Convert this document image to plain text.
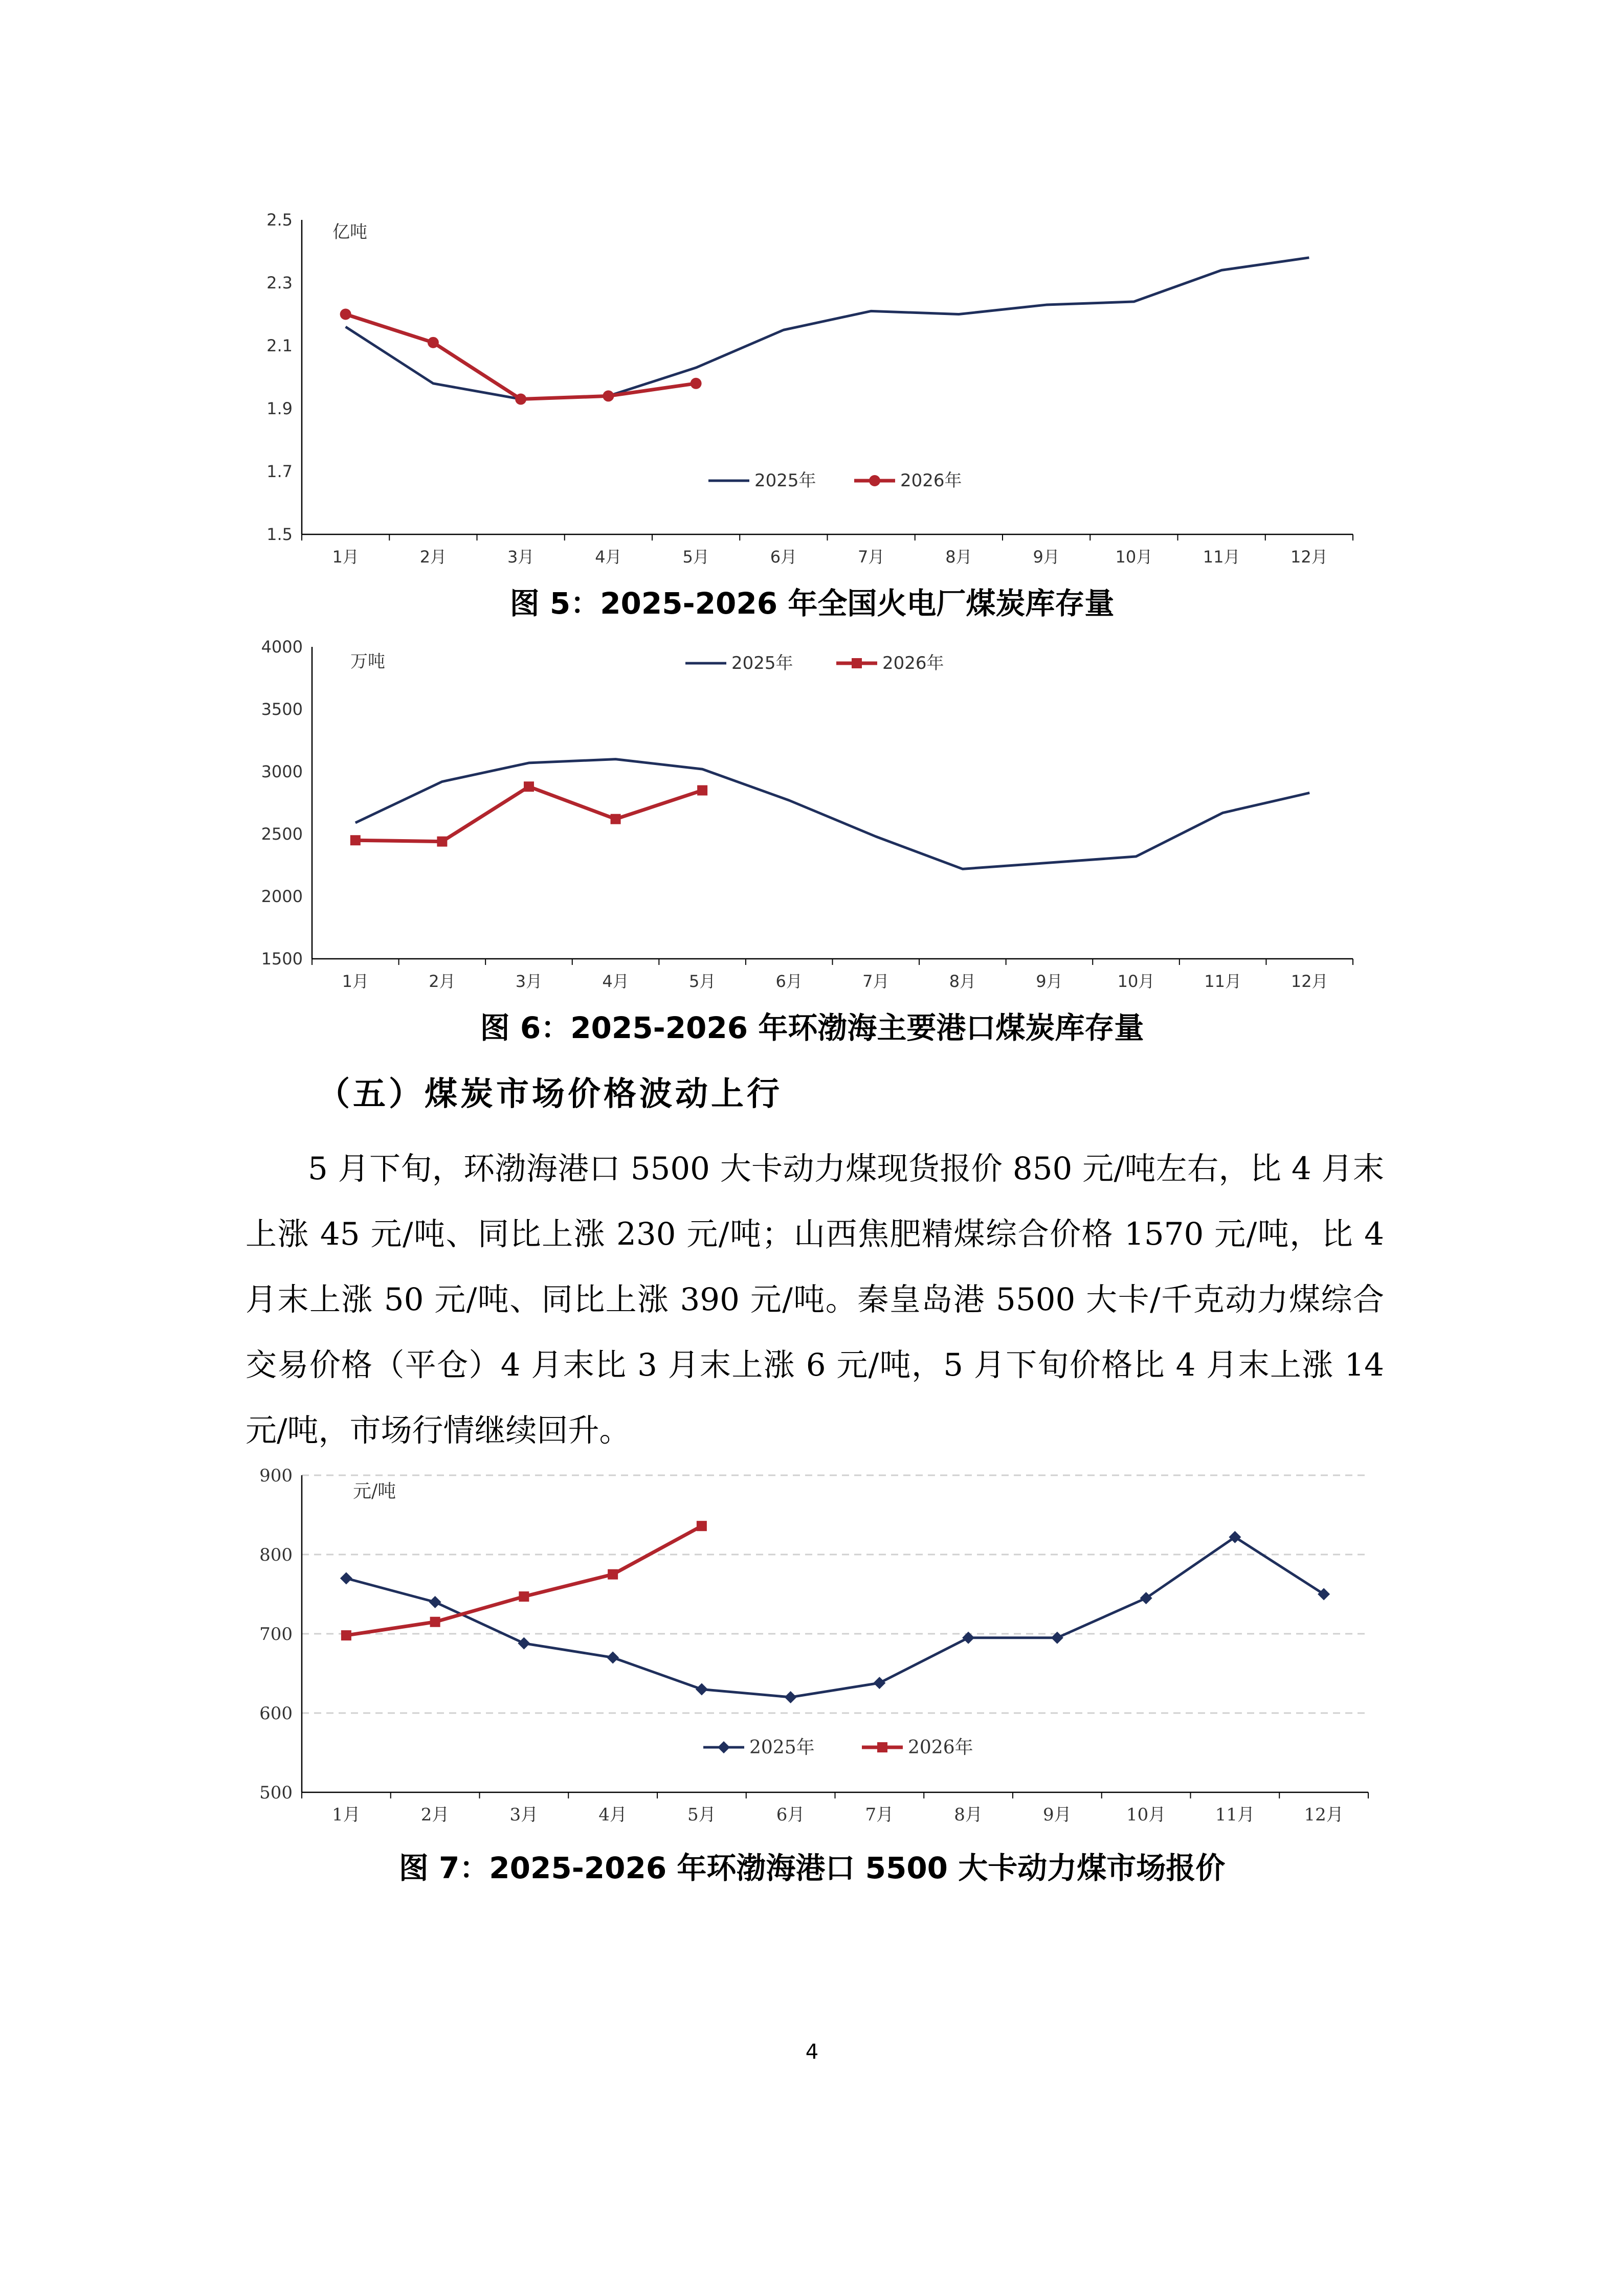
1.5
1.7
1.9
2.1
2.3
2.5
1月	2月	3月	4月	5月	6月	7月	8月	9月	10月	11月	12月
亿吨
2025年	2026年
图 5：2025-2026 年全国火电厂煤炭库存量
1500
2000
2500
3000
3500
4000
1月	2月	3月	4月	5月	6月	7月	8月	9月	10月	11月	12月
万吨	2025年	2026年
图 6：2025-2026 年环渤海主要港口煤炭库存量
（五）煤炭市场价格波动上行
5 月下旬，环渤海港口 5500 大卡动力煤现货报价 850 元/吨左右，比 4 月末
上涨 45 元/吨、同比上涨 230 元/吨；山西焦肥精煤综合价格 1570 元/吨，比 4
月末上涨 50 元/吨、同比上涨 390 元/吨。秦皇岛港 5500 大卡/千克动力煤综合
交易价格（平仓）4 月末比 3 月末上涨 6 元/吨，5 月下旬价格比 4 月末上涨 14
元/吨，市场行情继续回升。
500
600
700
800
900
1月	2月	3月	4月	5月	6月	7月	8月	9月	10月	11月	12月
元/吨
2025年	2026年
图 7：2025-2026 年环渤海港口 5500 大卡动力煤市场报价
4
